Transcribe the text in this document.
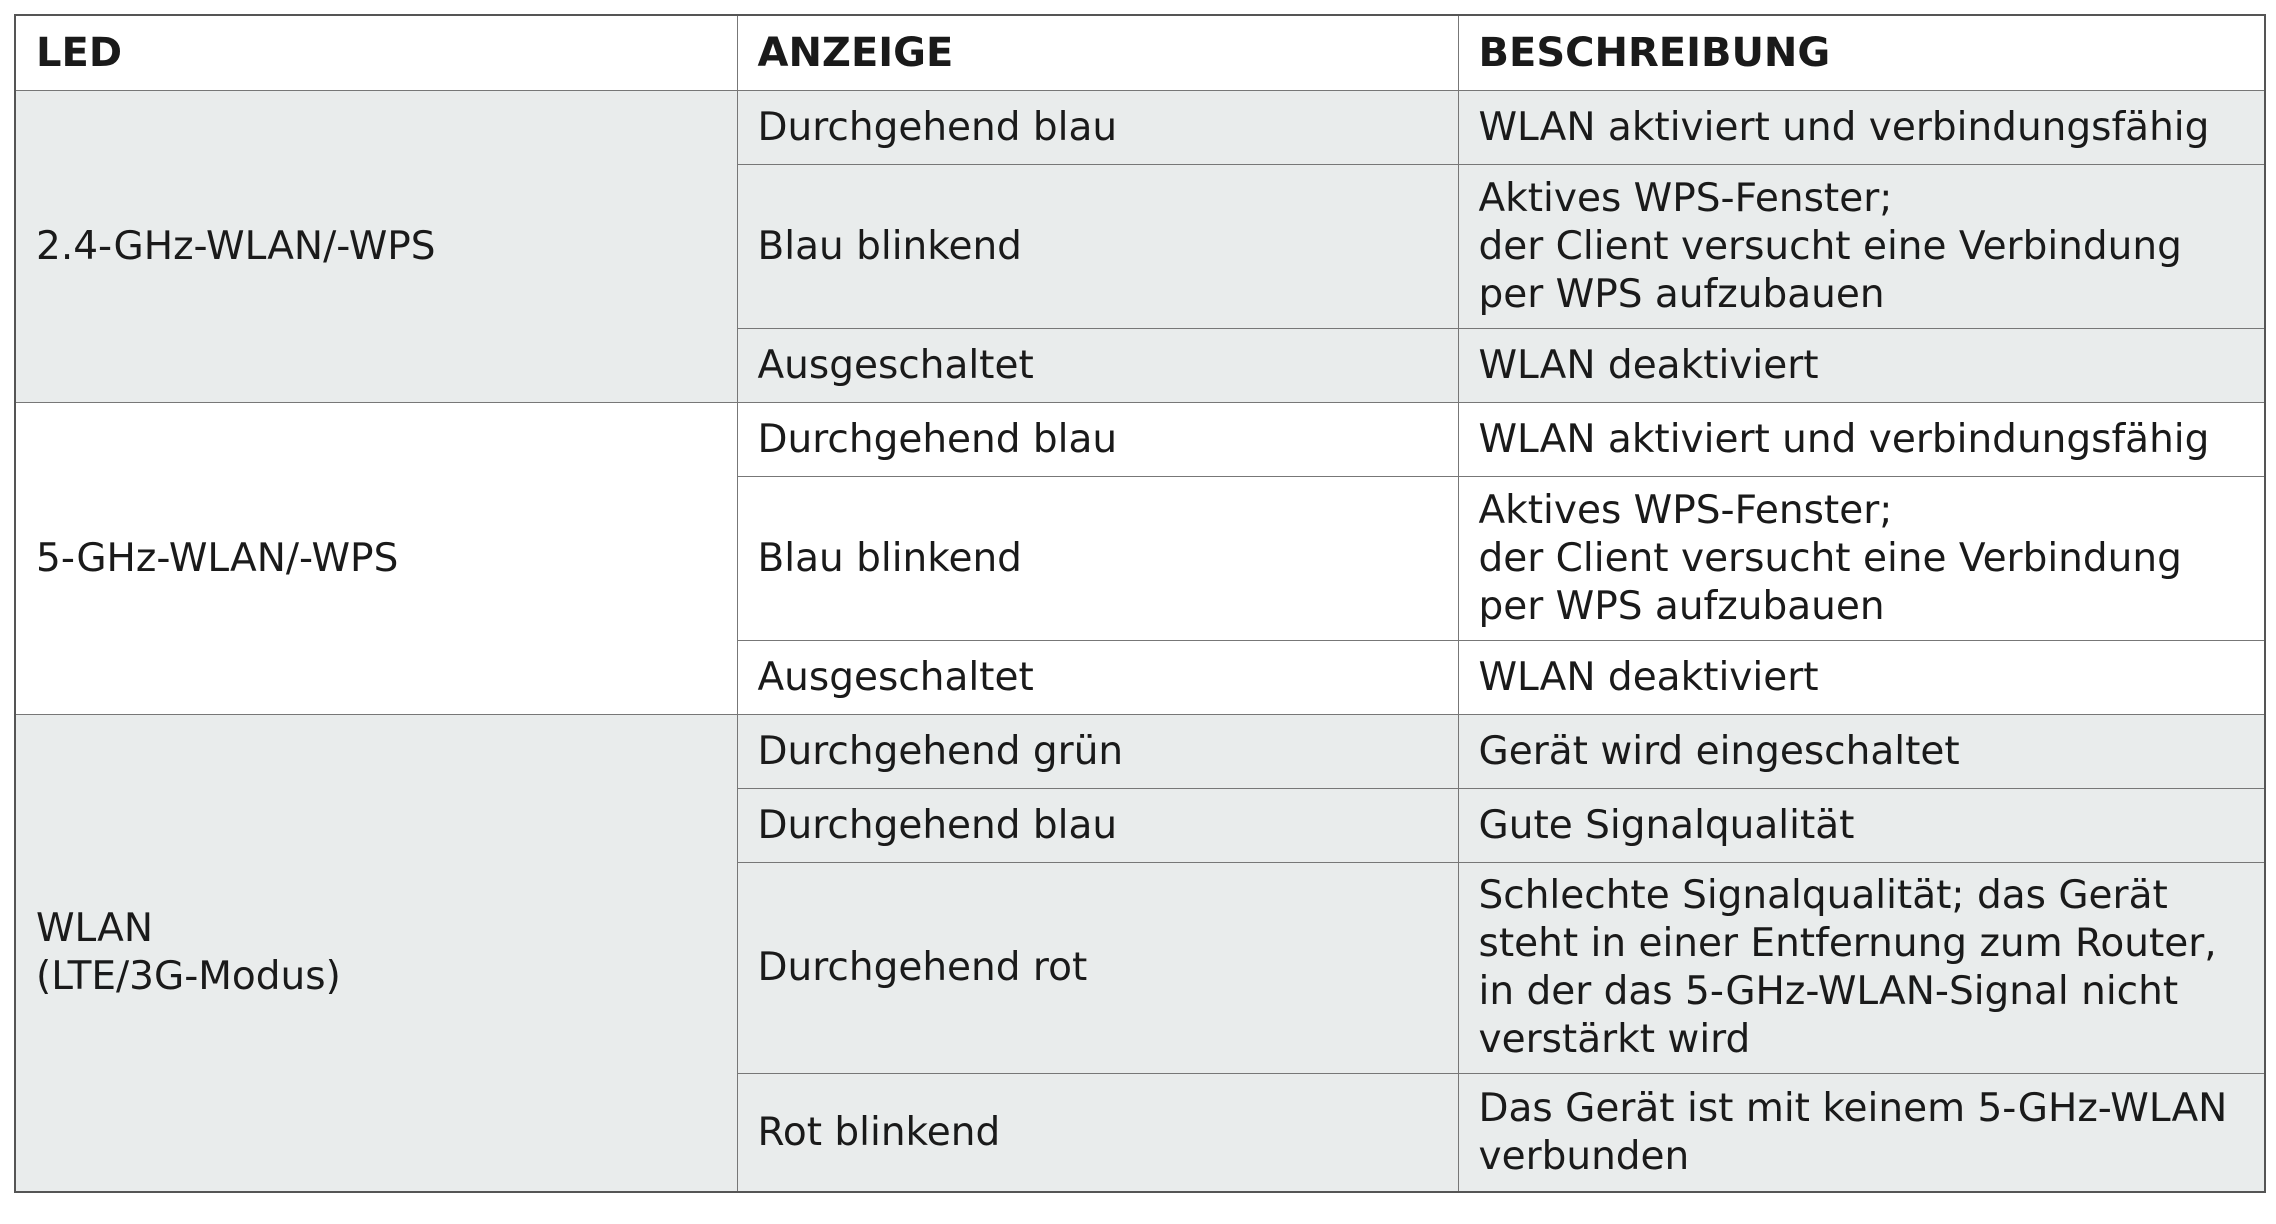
LED	ANZEIGE	BESCHREIBUNG
2.4-GHz-WLAN/-WPS	Durchgehend blau	WLAN aktiviert und verbindungsfähig
	Blau blinkend	Aktives WPS-Fenster;
der Client versucht eine Verbindung
per WPS aufzubauen
	Ausgeschaltet	WLAN deaktiviert
5-GHz-WLAN/-WPS	Durchgehend blau	WLAN aktiviert und verbindungsfähig
	Blau blinkend	Aktives WPS-Fenster;
der Client versucht eine Verbindung
per WPS aufzubauen
	Ausgeschaltet	WLAN deaktiviert
WLAN
(LTE/3G-Modus)	Durchgehend grün	Gerät wird eingeschaltet
	Durchgehend blau	Gute Signalqualität
	Durchgehend rot	Schlechte Signalqualität; das Gerät
steht in einer Entfernung zum Router,
in der das 5-GHz-WLAN-Signal nicht
verstärkt wird
	Rot blinkend	Das Gerät ist mit keinem 5-GHz-WLAN
verbunden
